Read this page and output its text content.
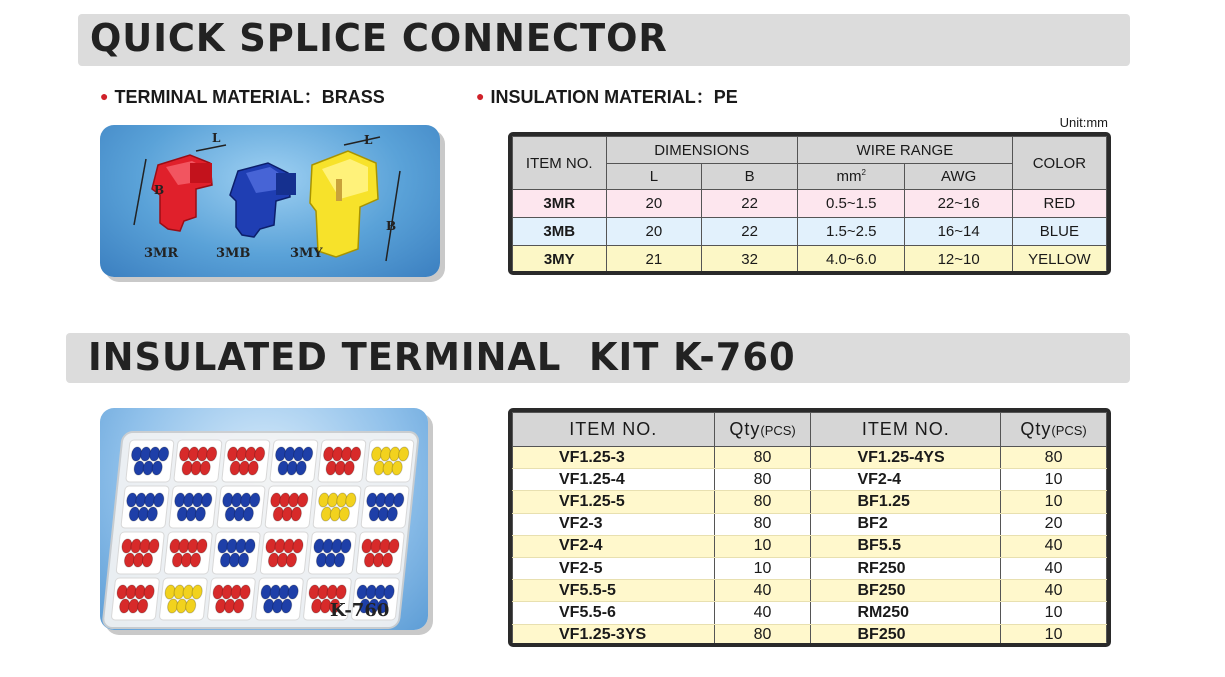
QUICK SPLICE CONNECTOR
● TERMINAL MATERIAL：BRASS	● INSULATION MATERIAL：PE
Unit:mm
L
B
L
B
3MR	3MB	3MY
ITEM NO.	DIMENSIONS		WIRE RANGE		COLOR
	L	B	$mm^2$	AWG	
3MR	20	22	0.5~1.5	22~16	RED
3MB	20	22	1.5~2.5	16~14	BLUE
3MY	21	32	4.0~6.0	12~10	YELLOW
INSULATED TERMINAL  KIT K-760
K-760
ITEM NO.	Qty(PCS)	ITEM NO.	Qty(PCS)
VF1.25-3	80	VF1.25-4YS	80
VF1.25-4	80	VF2-4	10
VF1.25-5	80	BF1.25	10
VF2-3	80	BF2	20
VF2-4	10	BF5.5	40
VF2-5	10	RF250	40
VF5.5-5	40	BF250	40
VF5.5-6	40	RM250	10
VF1.25-3YS	80	BF250	10
